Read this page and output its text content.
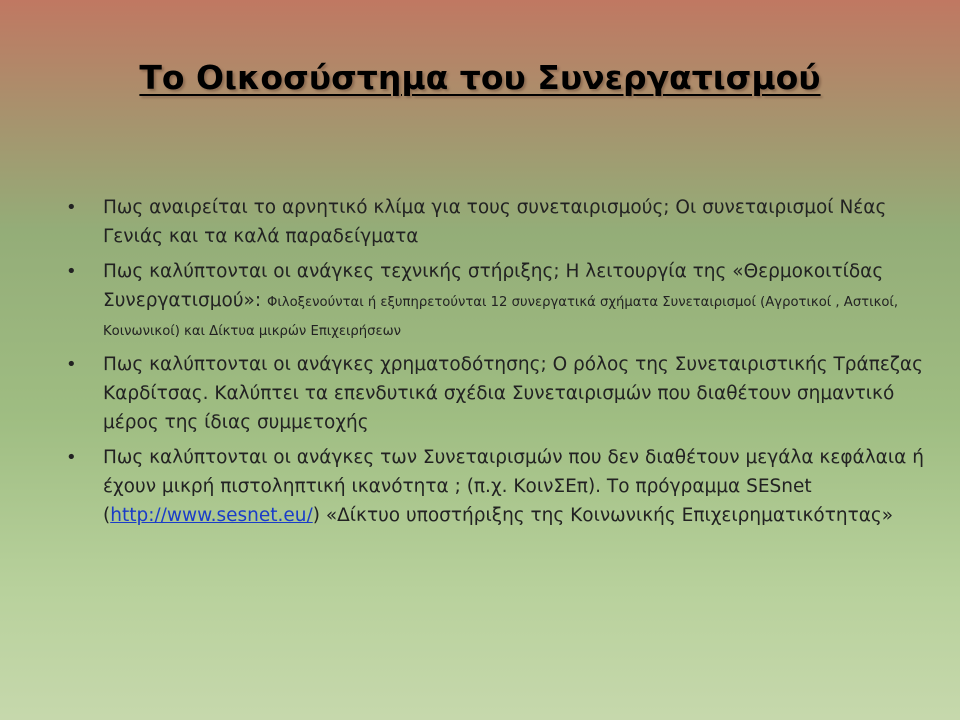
Το Οικοσύστημα του Συνεργατισμού
• Πως αναιρείται το αρνητικό κλίμα για τους συνεταιρισμούς; Οι συνεταιρισμοί Νέας Γενιάς και τα καλά παραδείγματα
• Πως καλύπτονται οι ανάγκες τεχνικής στήριξης; Η λειτουργία της «Θερμοκοιτίδας Συνεργατισμού»: Φιλοξενούνται ή εξυπηρετούνται 12 συνεργατικά σχήματα Συνεταιρισμοί (Αγροτικοί , Αστικοί, Κοινωνικοί) και Δίκτυα μικρών Επιχειρήσεων
• Πως καλύπτονται οι ανάγκες χρηματοδότησης; Ο ρόλος της Συνεταιριστικής Τράπεζας Καρδίτσας. Καλύπτει τα επενδυτικά σχέδια Συνεταιρισμών που διαθέτουν σημαντικό μέρος της ίδιας συμμετοχής
• Πως καλύπτονται οι ανάγκες των Συνεταιρισμών που δεν διαθέτουν μεγάλα κεφάλαια ή έχουν μικρή πιστοληπτική ικανότητα ; (π.χ. ΚοινΣΕπ). Το πρόγραμμα SESnet (http://www.sesnet.eu/) «Δίκτυο υποστήριξης της Κοινωνικής Επιχειρηματικότητας»
